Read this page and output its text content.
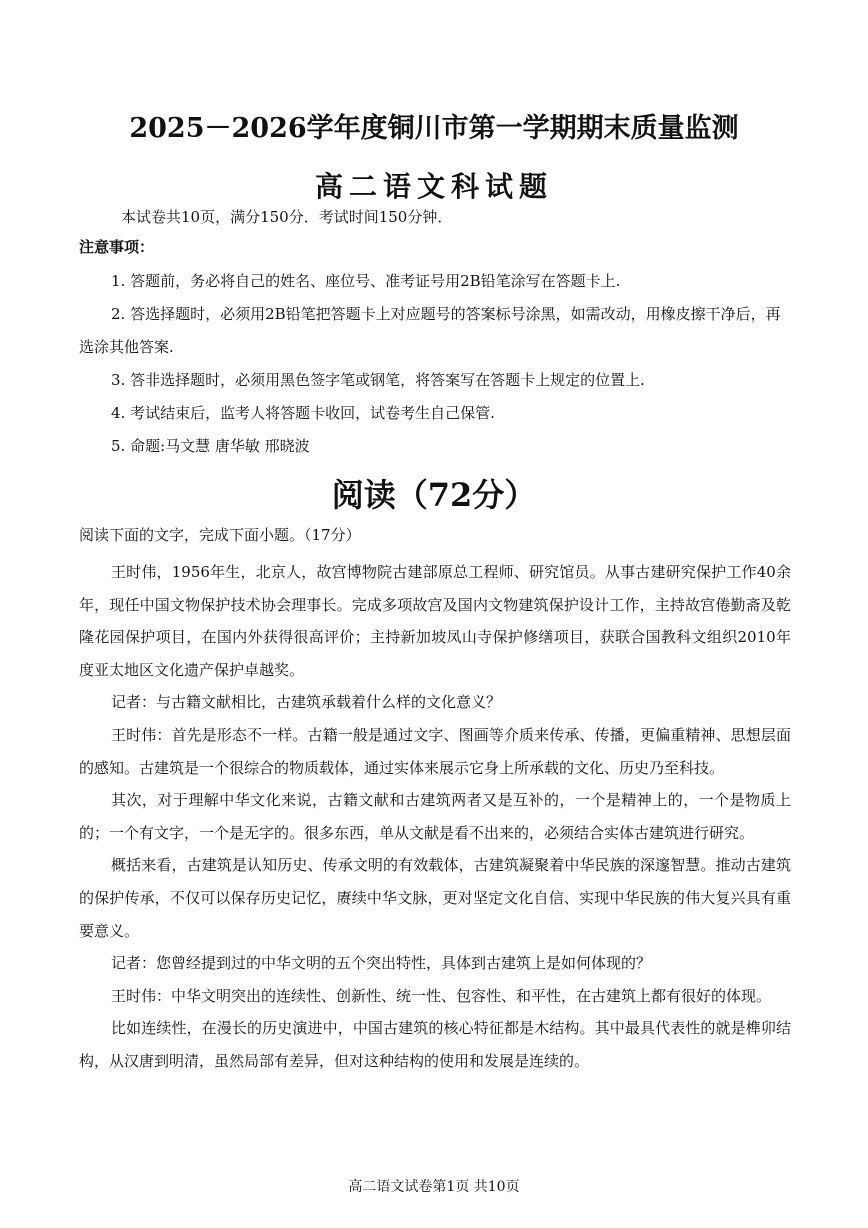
2025－2026学年度铜川市第一学期期末质量监测
高二语文科试题
本试卷共10页，满分150分．考试时间150分钟．
注意事项：

1. 答题前，务必将自己的姓名、座位号、准考证号用2B铅笔涂写在答题卡上.

2. 答选择题时，必须用2B铅笔把答题卡上对应题号的答案标号涂黑，如需改动，用橡皮擦干净后，再选涂其他答案.

3. 答非选择题时，必须用黑色签字笔或钢笔，将答案写在答题卡上规定的位置上.

4. 考试结束后，监考人将答题卡收回，试卷考生自己保管.

5. 命题:马文慧 唐华敏 邢晓波

阅读（72分）
阅读下面的文字，完成下面小题。（17分）

王时伟，1956年生，北京人，故宫博物院古建部原总工程师、研究馆员。从事古建研究保护工作40余年，现任中国文物保护技术协会理事长。完成多项故宫及国内文物建筑保护设计工作，主持故宫倦勤斋及乾隆花园保护项目，在国内外获得很高评价；主持新加坡凤山寺保护修缮项目，获联合国教科文组织2010年度亚太地区文化遗产保护卓越奖。

记者：与古籍文献相比，古建筑承载着什么样的文化意义？

王时伟：首先是形态不一样。古籍一般是通过文字、图画等介质来传承、传播，更偏重精神、思想层面的感知。古建筑是一个很综合的物质载体，通过实体来展示它身上所承载的文化、历史乃至科技。

其次，对于理解中华文化来说，古籍文献和古建筑两者又是互补的，一个是精神上的，一个是物质上的；一个有文字，一个是无字的。很多东西，单从文献是看不出来的，必须结合实体古建筑进行研究。

概括来看，古建筑是认知历史、传承文明的有效载体，古建筑凝聚着中华民族的深邃智慧。推动古建筑的保护传承，不仅可以保存历史记忆，赓续中华文脉，更对坚定文化自信、实现中华民族的伟大复兴具有重要意义。

记者：您曾经提到过的中华文明的五个突出特性，具体到古建筑上是如何体现的？

王时伟：中华文明突出的连续性、创新性、统一性、包容性、和平性，在古建筑上都有很好的体现。

比如连续性，在漫长的历史演进中，中国古建筑的核心特征都是木结构。其中最具代表性的就是榫卯结构，从汉唐到明清，虽然局部有差异，但对这种结构的使用和发展是连续的。

高二语文试卷第1页 共10页
